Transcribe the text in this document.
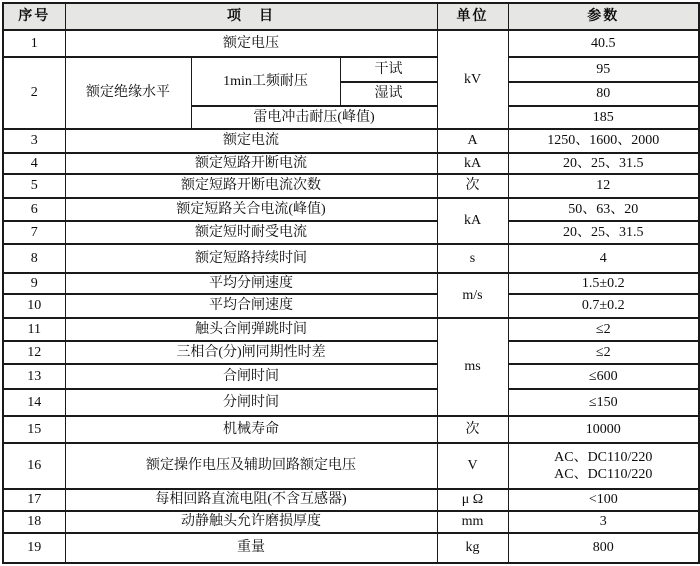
序号	项　目			单位	参数
1	额定电压			kV	40.5
2	额定绝缘水平	1min工频耐压	干试		95
			湿试		80
		雷电冲击耐压(峰值)			185
3	额定电流			A	1250、1600、2000
4	额定短路开断电流			kA	20、25、31.5
5	额定短路开断电流次数			次	12
6	额定短路关合电流(峰值)			kA	50、63、20
7	额定短时耐受电流				20、25、31.5
8	额定短路持续时间			s	4
9	平均分闸速度			m/s	1.5±0.2
10	平均合闸速度				0.7±0.2
11	触头合闸弹跳时间			ms	≤2
12	三相合(分)闸同期性时差				≤2
13	合闸时间				≤600
14	分闸时间				≤150
15	机械寿命			次	10000
16	额定操作电压及辅助回路额定电压			V	AC、DC110/220
AC、DC110/220

17	每相回路直流电阻(不含互感器)			μ Ω	<100
18	动静触头允许磨损厚度			mm	3
19	重量			kg	800
